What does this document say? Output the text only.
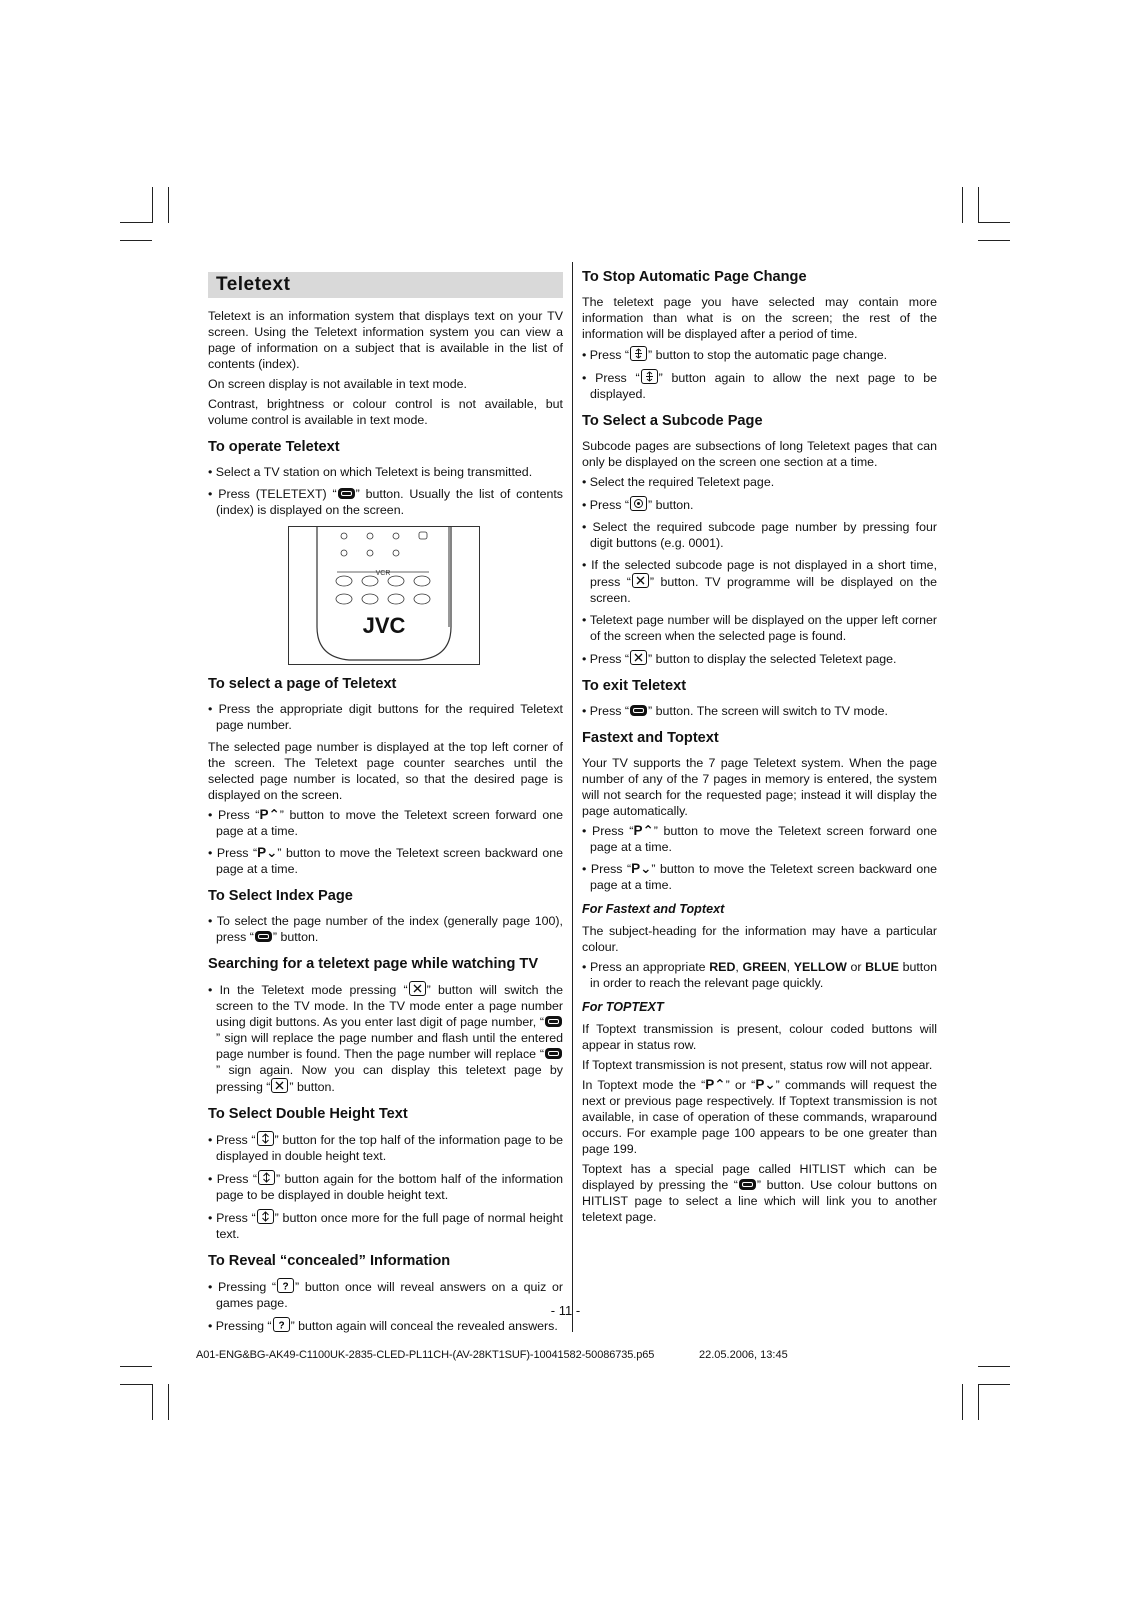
Teletext

Teletext is an information system that displays text on your TV screen. Using the Teletext information system you can view a page of information on a subject that is available in the list of contents (index).

On screen display is not available in text mode.

Contrast, brightness or colour control is not available, but volume control is available in text mode.

To operate Teletext
• Select a TV station on which Teletext is being transmitted.
• Press (TELETEXT) “ ” button. Usually the list of contents (index) is displayed on the screen.
JVC
VCR
To select a page of Teletext
• Press the appropriate digit buttons for the required Teletext page number.

The selected page number is displayed at the top left corner of the screen. The Teletext page counter searches until the selected page number is located, so that the desired page is displayed on the screen.

• Press “P⌃” button to move the Teletext screen forward one page at a time.
• Press “P⌄” button to move the Teletext screen backward one page at a time.
To Select Index Page
• To select the page number of the index (generally page 100), press “ ” button.
Searching for a teletext page while watching TV
• In the Teletext mode pressing “ ” button will switch the screen to the TV mode. In the TV mode enter a page number using digit buttons. As you enter last digit of page number, “” sign will replace the page number and flash until the entered page number is found. Then the page number will replace “” sign again. Now you can display this teletext page by pressing “ ” button.
To Select Double Height Text
• Press “ ” button for the top half of the information page to be displayed in double height text.
• Press “ ” button again for the bottom half of the information page to be displayed in double height text.
• Press “ ” button once more for the full page of normal height text.
To Reveal “concealed” Information
• Pressing “ ? ” button once will reveal answers on a quiz or games page.
• Pressing “ ? ” button again will conceal the revealed answers.
To Stop Automatic Page Change

The teletext page you have selected may contain more information than what is on the screen; the rest of the information will be displayed after a period of time.

• Press “ ” button to stop the automatic page change.
• Press “ ” button again to allow the next page to be displayed.
To Select a Subcode Page

Subcode pages are subsections of long Teletext pages that can only be displayed on the screen one section at a time.

• Select the required Teletext page.
• Press “ ” button.
• Select the required subcode page number by pressing four digit buttons (e.g. 0001).
• If the selected subcode page is not displayed in a short time, press “ ” button. TV programme will be displayed on the screen.
• Teletext page number will be displayed on the upper left corner of the screen when the selected page is found.
• Press “ ” button to display the selected Teletext page.
To exit Teletext
• Press “ ” button. The screen will switch to TV mode.
Fastext and Toptext

Your TV supports the 7 page Teletext system. When the page number of any of the 7 pages in memory is entered, the system will not search for the requested page; instead it will display the page automatically.

• Press “P⌃” button to move the Teletext screen forward one page at a time.
• Press “P⌄” button to move the Teletext screen backward one page at a time.
For Fastext and Toptext

The subject-heading for the information may have a particular colour.

• Press an appropriate RED, GREEN, YELLOW or BLUE button in order to reach the relevant page quickly.
For TOPTEXT

If Toptext transmission is present, colour coded buttons will appear in status row.

If Toptext transmission is not present, status row will not appear.

In Toptext mode the “P⌃” or “P⌄” commands will request the next or previous page respectively. If Toptext transmission is not available, in case of operation of these commands, wraparound occurs. For example page 100 appears to be one greater than page 199.

Toptext has a special page called HITLIST which can be displayed by pressing the “ ” button. Use colour buttons on HITLIST page to select a line which will link you to another teletext page.

- 11 -
A01-ENG&BG-AK49-C1100UK-2835-CLED-PL11CH-(AV-28KT1SUF)-10041582-50086735.p65	22.05.2006, 13:45
